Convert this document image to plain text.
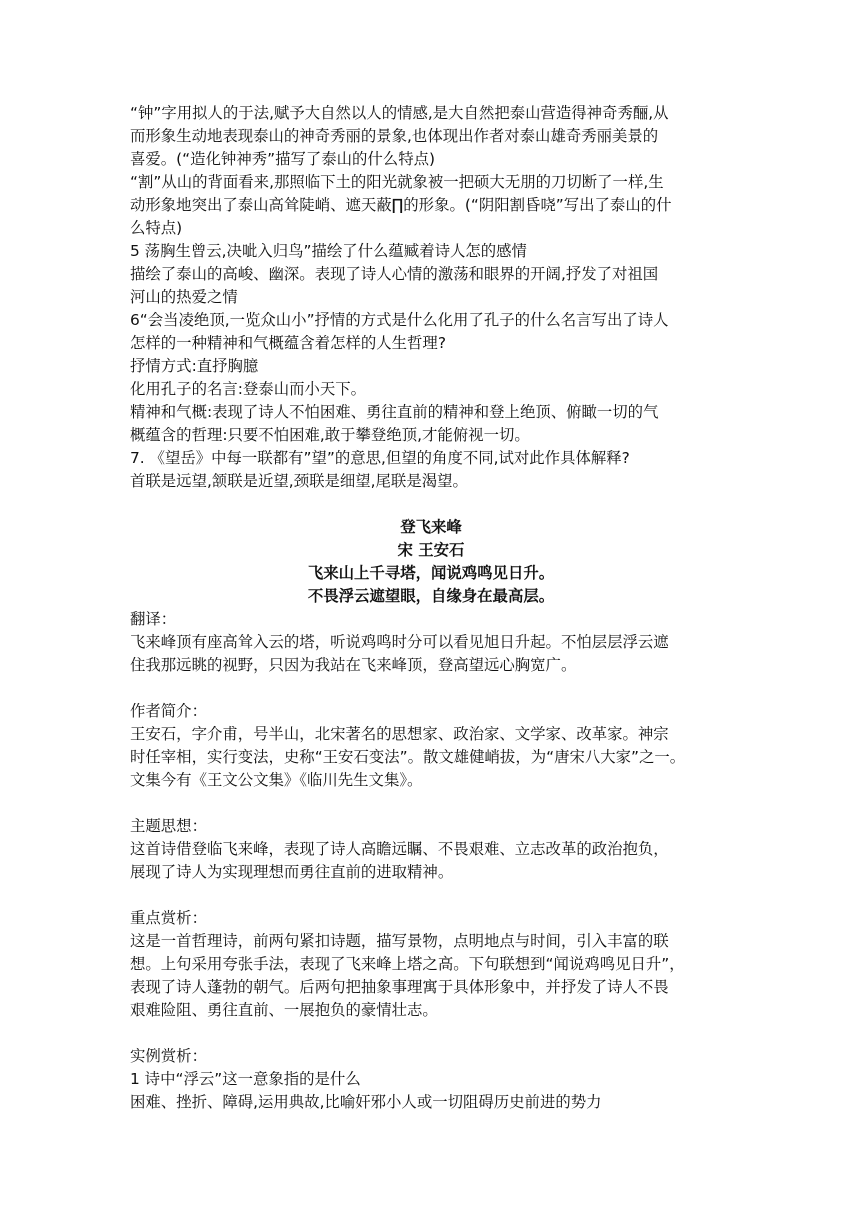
“钟”字用拟人的于法,赋予大自然以人的情感,是大自然把泰山营造得神奇秀酾,从
而形象生动地表现泰山的神奇秀丽的景象,也体现出作者对泰山雄奇秀丽美景的
喜爱。(“造化钟神秀”描写了泰山的什么特点)
“割”从山的背面看来,那照临下土的阳光就象被一把硕大无朋的刀切断了一样,生
动形象地突出了泰山高耸陡峭、遮天蔽∏的形象。(“阴阳割昏哓”写出了泰山的什
么特点)
5 荡胸生曾云,决呲入归鸟”描绘了什么蕴臧着诗人怎的感情
描绘了泰山的高峻、幽深。表现了诗人心情的激荡和眼界的开阔,抒发了对祖国
河山的热爱之情
6“会当凌绝顶,一览众山小”抒情的方式是什么化用了孔子的什么名言写出了诗人
怎样的一种精神和气概蕴含着怎样的人生哲理?
抒情方式:直抒胸臆
化用孔子的名言:登泰山而小天下。
精神和气概:表现了诗人不怕困难、勇往直前的精神和登上绝顶、俯瞰一切的气
概蕴含的哲理:只要不怕困难,敢于攀登绝顶,才能俯视一切。
7. 《望岳》中每一联都有”望”的意思,但望的角度不同,试对此作具体解释?
首联是远望,颔联是近望,颈联是细望,尾联是渴望。
登飞来峰
宋 王安石
飞来山上千寻塔，闻说鸡鸣见日升。
不畏浮云遮望眼，自缘身在最高层。
翻译：
飞来峰顶有座高耸入云的塔，听说鸡鸣时分可以看见旭日升起。不怕层层浮云遮
住我那远眺的视野，只因为我站在飞来峰顶，登高望远心胸宽广。
作者简介：
王安石，字介甫，号半山，北宋著名的思想家、政治家、文学家、改革家。神宗
时任宰相，实行变法，史称“王安石变法”。散文雄健峭拔，为“唐宋八大家”之一。
文集今有《王文公文集》《临川先生文集》。
主题思想：
这首诗借登临飞来峰，表现了诗人高瞻远瞩、不畏艰难、立志改革的政治抱负，
展现了诗人为实现理想而勇往直前的进取精神。
重点赏析：
这是一首哲理诗，前两句紧扣诗题，描写景物，点明地点与时间，引入丰富的联
想。上句采用夸张手法，表现了飞来峰上塔之高。下句联想到“闻说鸡鸣见日升”，
表现了诗人蓬勃的朝气。后两句把抽象事理寓于具体形象中，并抒发了诗人不畏
艰难险阻、勇往直前、一展抱负的豪情壮志。
实例赏析：
1 诗中“浮云”这一意象指的是什么
困难、挫折、障碍,运用典故,比喻奸邪小人或一切阻碍历史前进的势力
